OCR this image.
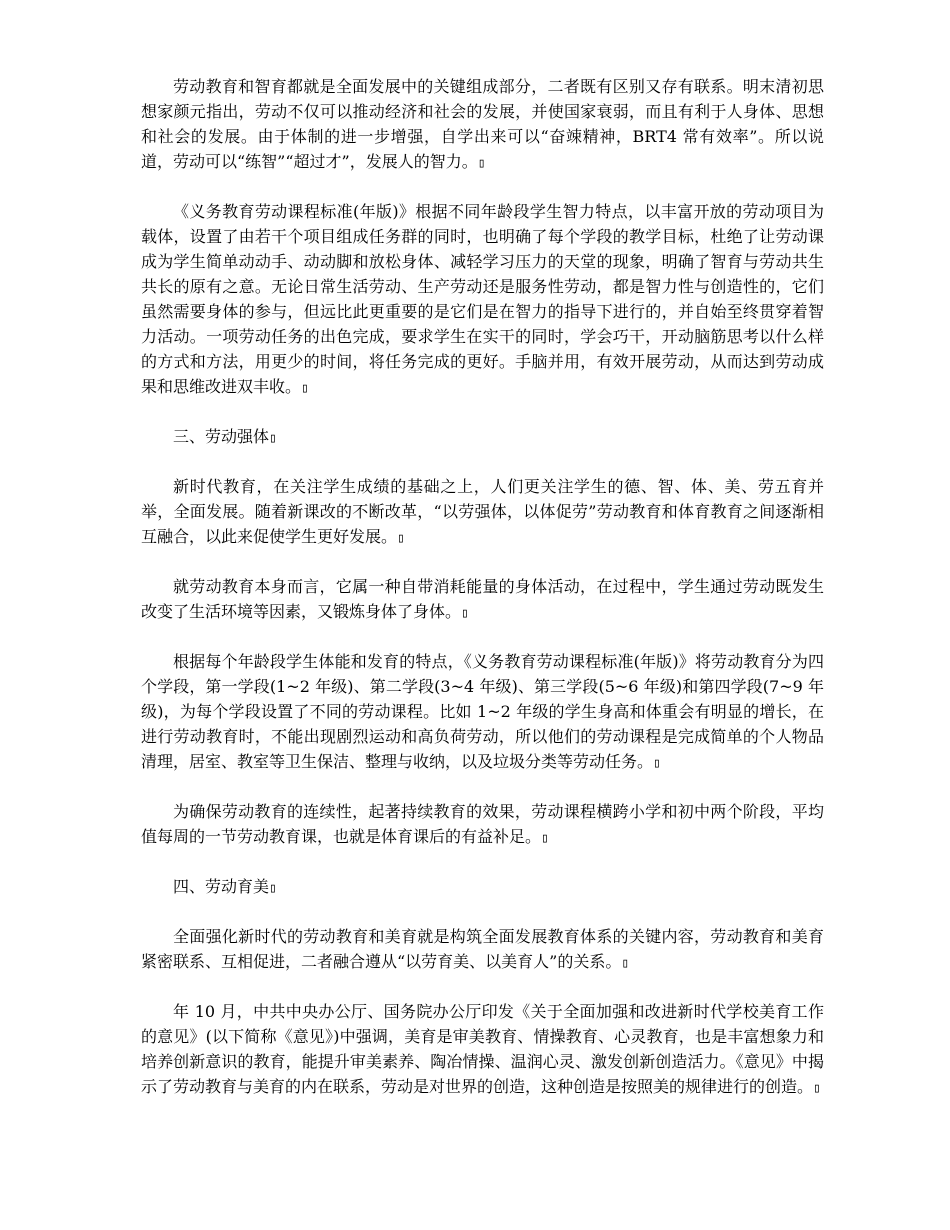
劳动教育和智育都就是全面发展中的关键组成部分，二者既有区别又存有联系。明末清初思想家颜元指出，劳动不仅可以推动经济和社会的发展，并使国家衰弱，而且有利于人身体、思想和社会的发展。由于体制的进一步增强，自学出来可以“奋竦精神，BRT4 常有效率”。所以说道，劳动可以“练智”“超过才”，发展人的智力。▯

《义务教育劳动课程标准(年版)》根据不同年龄段学生智力特点，以丰富开放的劳动项目为载体，设置了由若干个项目组成任务群的同时，也明确了每个学段的教学目标，杜绝了让劳动课成为学生简单动动手、动动脚和放松身体、减轻学习压力的天堂的现象，明确了智育与劳动共生共长的原有之意。无论日常生活劳动、生产劳动还是服务性劳动，都是智力性与创造性的，它们虽然需要身体的参与，但远比此更重要的是它们是在智力的指导下进行的，并自始至终贯穿着智力活动。一项劳动任务的出色完成，要求学生在实干的同时，学会巧干，开动脑筋思考以什么样的方式和方法，用更少的时间，将任务完成的更好。手脑并用，有效开展劳动，从而达到劳动成果和思维改进双丰收。▯

三、劳动强体▯

新时代教育，在关注学生成绩的基础之上，人们更关注学生的德、智、体、美、劳五育并举，全面发展。随着新课改的不断改革，“以劳强体，以体促劳”劳动教育和体育教育之间逐渐相互融合，以此来促使学生更好发展。▯

就劳动教育本身而言，它属一种自带消耗能量的身体活动，在过程中，学生通过劳动既发生改变了生活环境等因素，又锻炼身体了身体。▯

根据每个年龄段学生体能和发育的特点，《义务教育劳动课程标准(年版)》将劳动教育分为四个学段，第一学段(1~2 年级)、第二学段(3~4 年级)、第三学段(5~6 年级)和第四学段(7~9 年级)，为每个学段设置了不同的劳动课程。比如 1~2 年级的学生身高和体重会有明显的增长，在进行劳动教育时，不能出现剧烈运动和高负荷劳动，所以他们的劳动课程是完成简单的个人物品清理，居室、教室等卫生保洁、整理与收纳，以及垃圾分类等劳动任务。▯

为确保劳动教育的连续性，起著持续教育的效果，劳动课程横跨小学和初中两个阶段，平均值每周的一节劳动教育课，也就是体育课后的有益补足。▯

四、劳动育美▯

全面强化新时代的劳动教育和美育就是构筑全面发展教育体系的关键内容，劳动教育和美育紧密联系、互相促进，二者融合遵从“以劳育美、以美育人”的关系。▯

年 10 月，中共中央办公厅、国务院办公厅印发《关于全面加强和改进新时代学校美育工作的意见》(以下简称《意见》)中强调，美育是审美教育、情操教育、心灵教育，也是丰富想象力和培养创新意识的教育，能提升审美素养、陶冶情操、温润心灵、激发创新创造活力。《意见》中揭示了劳动教育与美育的内在联系，劳动是对世界的创造，这种创造是按照美的规律进行的创造。▯
